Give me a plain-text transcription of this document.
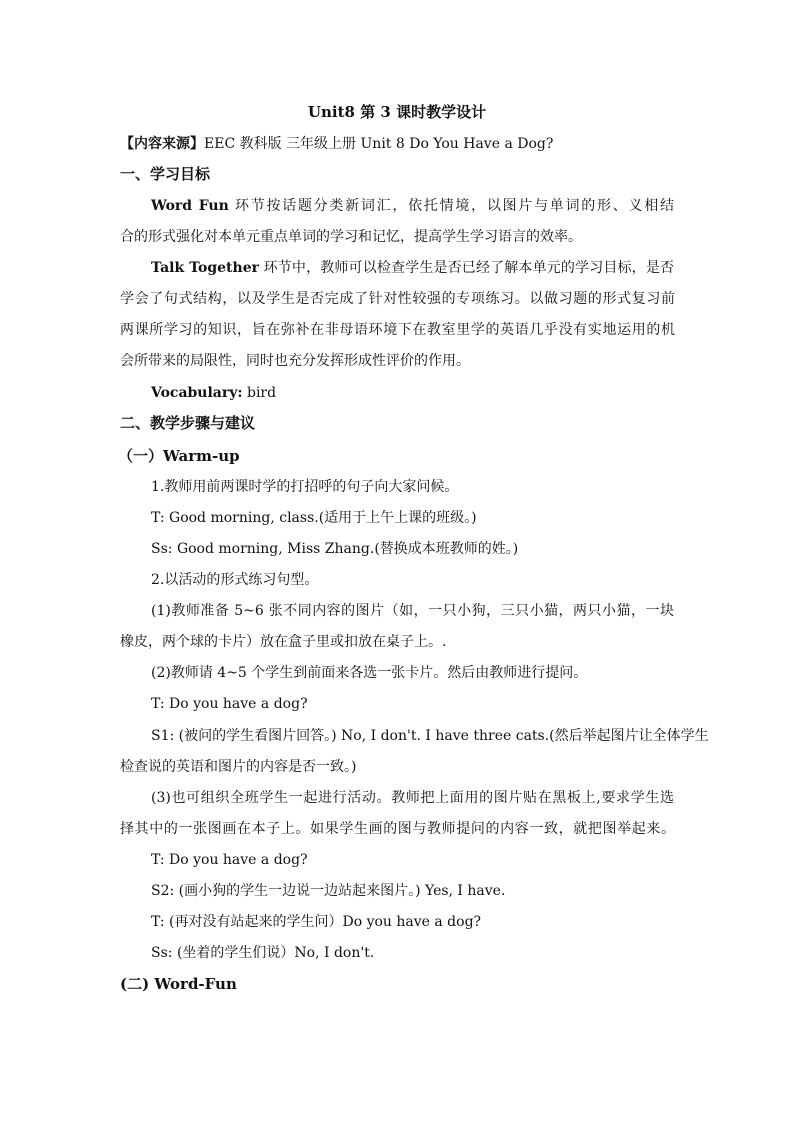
Unit8 第 3 课时教学设计
【内容来源】EEC 教科版 三年级上册 Unit 8 Do You Have a Dog?
一、学习目标
Word Fun 环节按话题分类新词汇，依托情境，以图片与单词的形、义相结
合的形式强化对本单元重点单词的学习和记忆，提高学生学习语言的效率。
Talk Together 环节中，教师可以检查学生是否已经了解本单元的学习目标，是否
学会了句式结构，以及学生是否完成了针对性较强的专项练习。以做习题的形式复习前
两课所学习的知识，旨在弥补在非母语环境下在教室里学的英语几乎没有实地运用的机
会所带来的局限性，同时也充分发挥形成性评价的作用。
Vocabulary: bird
二、教学步骤与建议
（一）Warm-up
1.教师用前两课时学的打招呼的句子向大家问候。
T: Good morning, class.(适用于上午上课的班级。)
Ss: Good morning, Miss Zhang.(替换成本班教师的姓。)
2.以活动的形式练习句型。
(1)教师准备 5~6 张不同内容的图片（如，一只小狗，三只小猫，两只小猫，一块
橡皮，两个球的卡片）放在盒子里或扣放在桌子上。.
(2)教师请 4~5 个学生到前面来各选一张卡片。然后由教师进行提问。
T: Do you have a dog?
S1: (被问的学生看图片回答。) No, I don't. I have three cats.(然后举起图片让全体学生
检查说的英语和图片的内容是否一致。)
(3)也可组织全班学生一起进行活动。教师把上面用的图片贴在黑板上,要求学生选
择其中的一张图画在本子上。如果学生画的图与教师提问的内容一致，就把图举起来。
T: Do you have a dog?
S2: (画小狗的学生一边说一边站起来图片。) Yes, I have.
T: (再对没有站起来的学生问）Do you have a dog?
Ss: (坐着的学生们说）No, I don't.
(二) Word-Fun
